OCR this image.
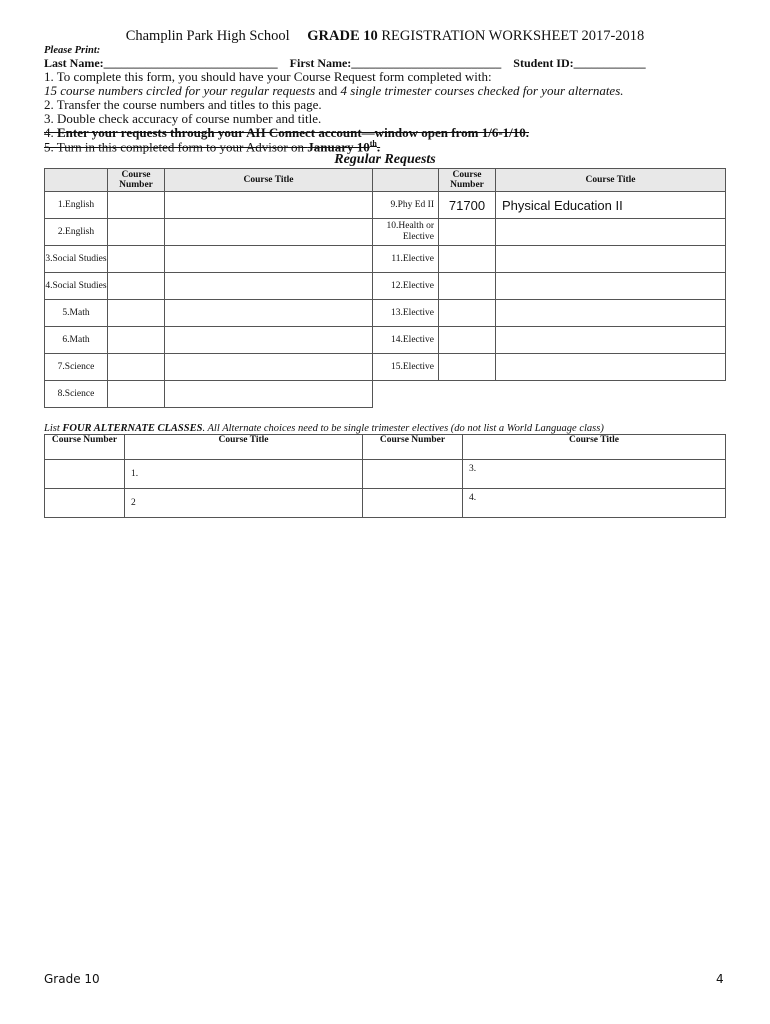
Champlin Park High School GRADE 10 REGISTRATION WORKSHEET 2017-2018
Please Print:
Last Name:_____________________________ First Name:_________________________ Student ID:____________
1. To complete this form, you should have your Course Request form completed with:
15 course numbers circled for your regular requests and 4 single trimester courses checked for your alternates.
2. Transfer the course numbers and titles to this page.
3. Double check accuracy of course number and title.
4. Enter your requests through your AH Connect account—window open from 1/6-1/10.
5. Turn in this completed form to your Advisor on January 10th.
Regular Requests
	Course Number	Course Title		Course Number	Course Title
1.English			9.Phy Ed II	71700	Physical Education II
2.English			10.Health or Elective		
3.Social Studies			11.Elective		
4.Social Studies			12.Elective		
5.Math			13.Elective		
6.Math			14.Elective		
7.Science			15.Elective		
8.Science					
List FOUR ALTERNATE CLASSES. All Alternate choices need to be single trimester electives (do not list a World Language class)
Course Number	Course Title	Course Number	Course Title
	1.		3.
	2		4.
Grade 10	4
